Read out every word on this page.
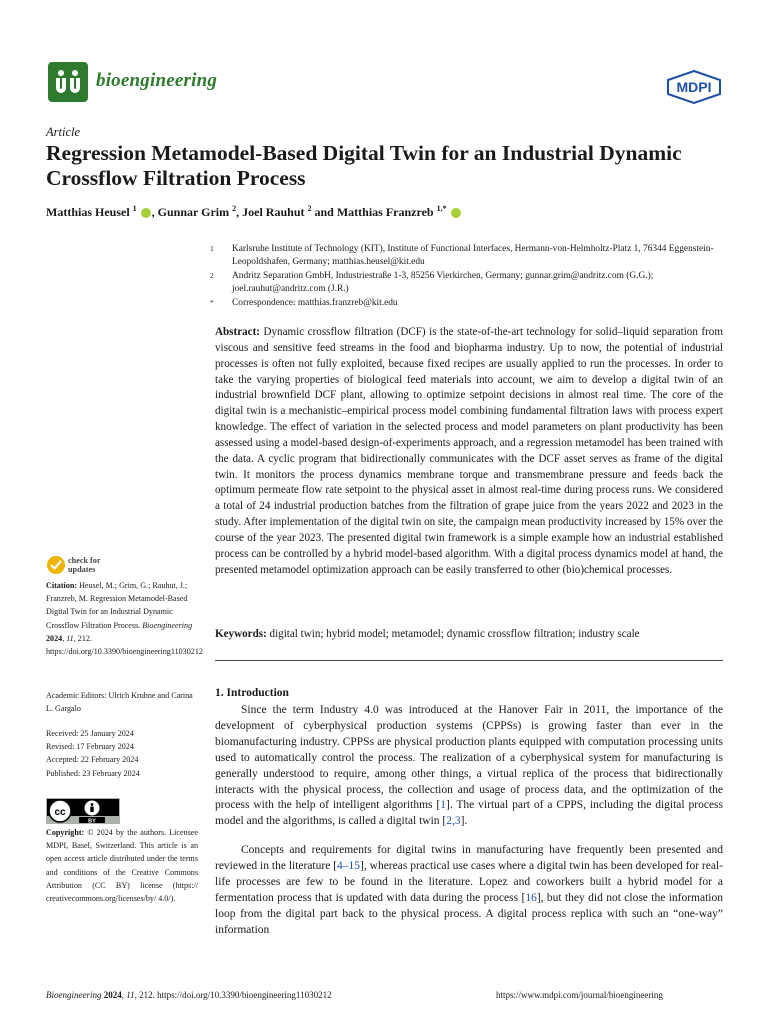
bioengineering	MDPI
Article
Regression Metamodel-Based Digital Twin for an Industrial Dynamic Crossflow Filtration Process
Matthias Heusel $^1$ , Gunnar Grim $^2$, Joel Rauhut $^2$ and Matthias Franzreb $^{1,*}$
1 Karlsruhe Institute of Technology (KIT), Institute of Functional Interfaces, Hermann-von-Helmholtz-Platz 1, 76344 Eggenstein-Leopoldshafen, Germany; matthias.heusel@kit.edu
2 Andritz Separation GmbH, Industriestraße 1-3, 85256 Vierkirchen, Germany; gunnar.grim@andritz.com (G.G.); joel.rauhut@andritz.com (J.R.)
* Correspondence: matthias.franzreb@kit.edu
Abstract: Dynamic crossflow filtration (DCF) is the state-of-the-art technology for solid–liquid separation from viscous and sensitive feed streams in the food and biopharma industry. Up to now, the potential of industrial processes is often not fully exploited, because fixed recipes are usually applied to run the processes. In order to take the varying properties of biological feed materials into account, we aim to develop a digital twin of an industrial brownfield DCF plant, allowing to optimize setpoint decisions in almost real time. The core of the digital twin is a mechanistic–empirical process model combining fundamental filtration laws with process expert knowledge. The effect of variation in the selected process and model parameters on plant productivity has been assessed using a model-based design-of-experiments approach, and a regression metamodel has been trained with the data. A cyclic program that bidirectionally communicates with the DCF asset serves as frame of the digital twin. It monitors the process dynamics membrane torque and transmembrane pressure and feeds back the optimum permeate flow rate setpoint to the physical asset in almost real-time during process runs. We considered a total of 24 industrial production batches from the filtration of grape juice from the years 2022 and 2023 in the study. After implementation of the digital twin on site, the campaign mean productivity increased by 15% over the course of the year 2023. The presented digital twin framework is a simple example how an industrial established process can be controlled by a hybrid model-based algorithm. With a digital process dynamics model at hand, the presented metamodel optimization approach can be easily transferred to other (bio)chemical processes.
Keywords: digital twin; hybrid model; metamodel; dynamic crossflow filtration; industry scale
check for
updates
Citation: Heusel, M.; Grim, G.; Rauhut, J.; Franzreb, M. Regression Metamodel-Based Digital Twin for an Industrial Dynamic Crossflow Filtration Process. Bioengineering 2024, 11, 212. https://doi.org/10.3390/bioengineering11030212
Academic Editors: Ulrich Kruhne and Carina L. Gargalo
Received: 25 January 2024
Revised: 17 February 2024
Accepted: 22 February 2024
Published: 23 February 2024
cc
BY
Copyright: © 2024 by the authors. Licensee MDPI, Basel, Switzerland. This article is an open access article distributed under the terms and conditions of the Creative Commons Attribution (CC BY) license (https:// creativecommons.org/licenses/by/ 4.0/).
1. Introduction
Since the term Industry 4.0 was introduced at the Hanover Fair in 2011, the importance of the development of cyberphysical production systems (CPPSs) is growing faster than ever in the biomanufacturing industry. CPPSs are physical production plants equipped with computation processing units used to automatically control the process. The realization of a cyberphysical system for manufacturing is generally understood to require, among other things, a virtual replica of the process that bidirectionally interacts with the physical process, the collection and usage of process data, and the optimization of the process with the help of intelligent algorithms [1]. The virtual part of a CPPS, including the digital process model and the algorithms, is called a digital twin [2,3].
Concepts and requirements for digital twins in manufacturing have frequently been presented and reviewed in the literature [4–15], whereas practical use cases where a digital twin has been developed for real-life processes are few to be found in the literature. Lopez and coworkers built a hybrid model for a fermentation process that is updated with data during the process [16], but they did not close the information loop from the digital part back to the physical process. A digital process replica with such an “one-way” information
Bioengineering 2024, 11, 212. https://doi.org/10.3390/bioengineering11030212	https://www.mdpi.com/journal/bioengineering
